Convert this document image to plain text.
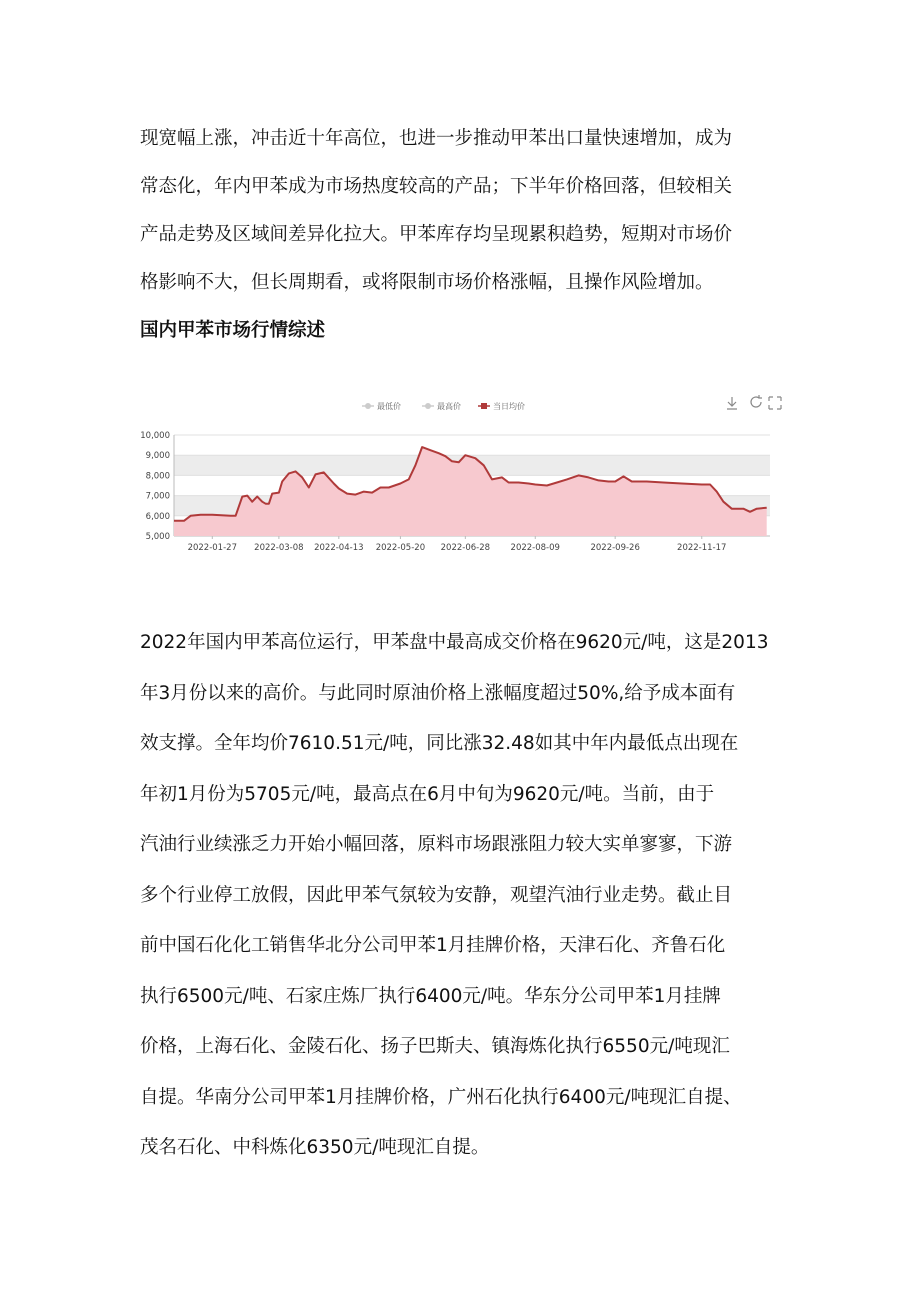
现宽幅上涨，冲击近十年高位，也进一步推动甲苯出口量快速增加，成为
常态化，年内甲苯成为市场热度较高的产品；下半年价格回落，但较相关
产品走势及区域间差异化拉大。甲苯库存均呈现累积趋势，短期对市场价
格影响不大，但长周期看，或将限制市场价格涨幅，且操作风险增加。
国内甲苯市场行情综述
5,000
6,000
7,000
8,000
9,000
10,000
2022-01-27 2022-03-08 2022-04-13 2022-05-20 2022-06-28 2022-08-09	2022-09-26	2022-11-17
最低价	最高价	当日均价
2022年国内甲苯高位运行，甲苯盘中最高成交价格在9620元/吨，这是2013
年3月份以来的高价。与此同时原油价格上涨幅度超过50%,给予成本面有
效支撑。全年均价7610.51元/吨，同比涨32.48如其中年内最低点出现在
年初1月份为5705元/吨，最高点在6月中旬为9620元/吨。当前，由于
汽油行业续涨乏力开始小幅回落，原料市场跟涨阻力较大实单寥寥，下游
多个行业停工放假，因此甲苯气氛较为安静，观望汽油行业走势。截止目
前中国石化化工销售华北分公司甲苯1月挂牌价格，天津石化、齐鲁石化
执行6500元/吨、石家庄炼厂执行6400元/吨。华东分公司甲苯1月挂牌
价格，上海石化、金陵石化、扬子巴斯夫、镇海炼化执行6550元/吨现汇
自提。华南分公司甲苯1月挂牌价格，广州石化执行6400元/吨现汇自提、
茂名石化、中科炼化6350元/吨现汇自提。
